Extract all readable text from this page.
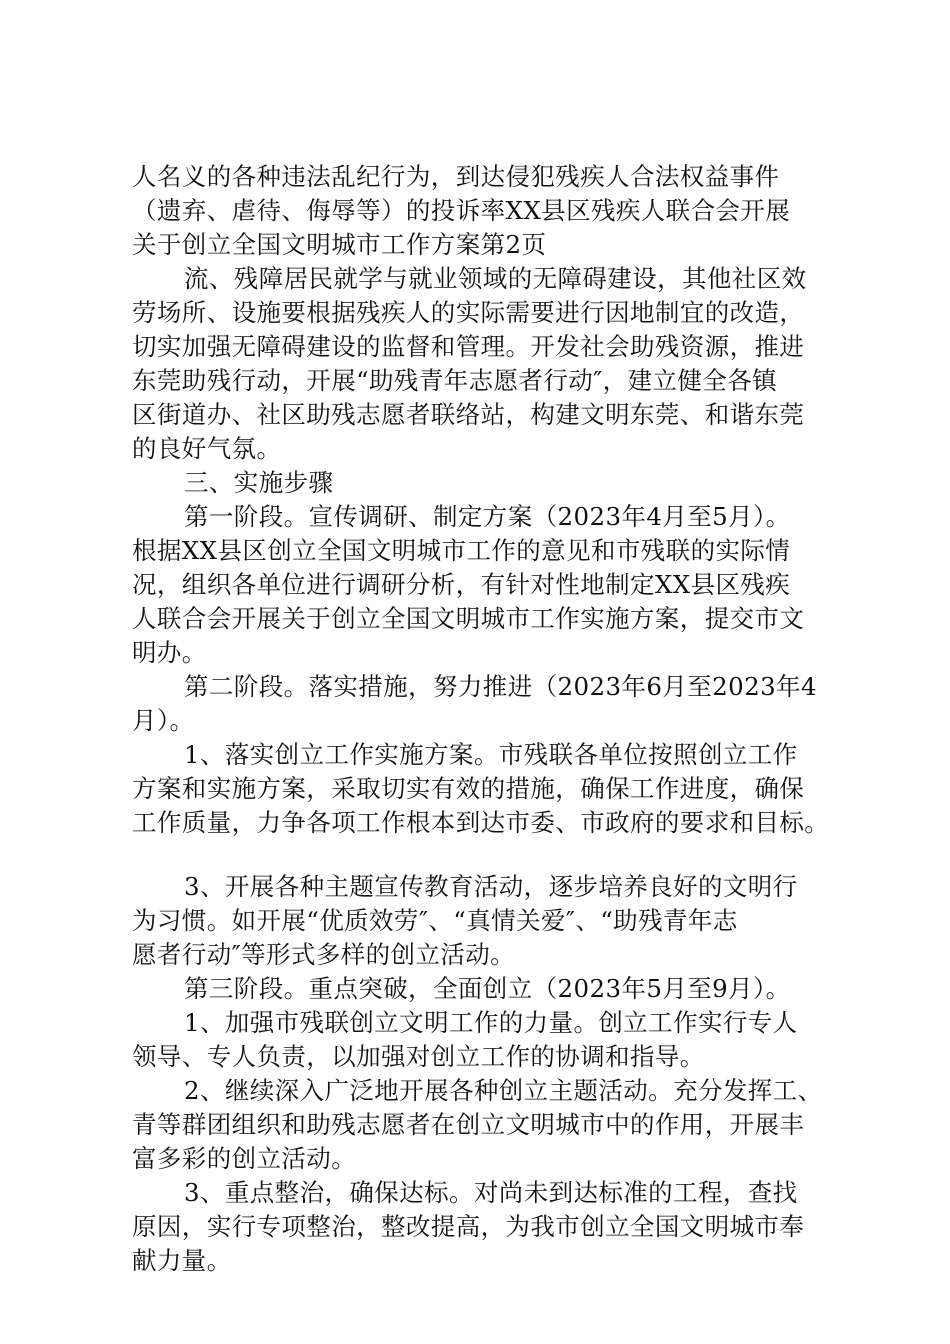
人名义的各种违法乱纪行为，到达侵犯残疾人合法权益事件
（遗弃、虐待、侮辱等）的投诉率XX县区残疾人联合会开展
关于创立全国文明城市工作方案第2页
流、残障居民就学与就业领域的无障碍建设，其他社区效
劳场所、设施要根据残疾人的实际需要进行因地制宜的改造，
切实加强无障碍建设的监督和管理。开发社会助残资源，推进
东莞助残行动，开展“助残青年志愿者行动″，建立健全各镇
区街道办、社区助残志愿者联络站，构建文明东莞、和谐东莞
的良好气氛。
三、实施步骤
第一阶段。宣传调研、制定方案（2023年4月至5月）。
根据XX县区创立全国文明城市工作的意见和市残联的实际情
况，组织各单位进行调研分析，有针对性地制定XX县区残疾
人联合会开展关于创立全国文明城市工作实施方案，提交市文
明办。
第二阶段。落实措施，努力推进（2023年6月至2023年4
月）。
1、落实创立工作实施方案。市残联各单位按照创立工作
方案和实施方案，采取切实有效的措施，确保工作进度，确保
工作质量，力争各项工作根本到达市委、市政府的要求和目标。
3、开展各种主题宣传教育活动，逐步培养良好的文明行
为习惯。如开展“优质效劳″、“真情关爱″、“助残青年志
愿者行动″等形式多样的创立活动。
第三阶段。重点突破，全面创立（2023年5月至9月）。
1、加强市残联创立文明工作的力量。创立工作实行专人
领导、专人负责，以加强对创立工作的协调和指导。
2、继续深入广泛地开展各种创立主题活动。充分发挥工、
青等群团组织和助残志愿者在创立文明城市中的作用，开展丰
富多彩的创立活动。
3、重点整治，确保达标。对尚未到达标准的工程，查找
原因，实行专项整治，整改提高，为我市创立全国文明城市奉
献力量。
